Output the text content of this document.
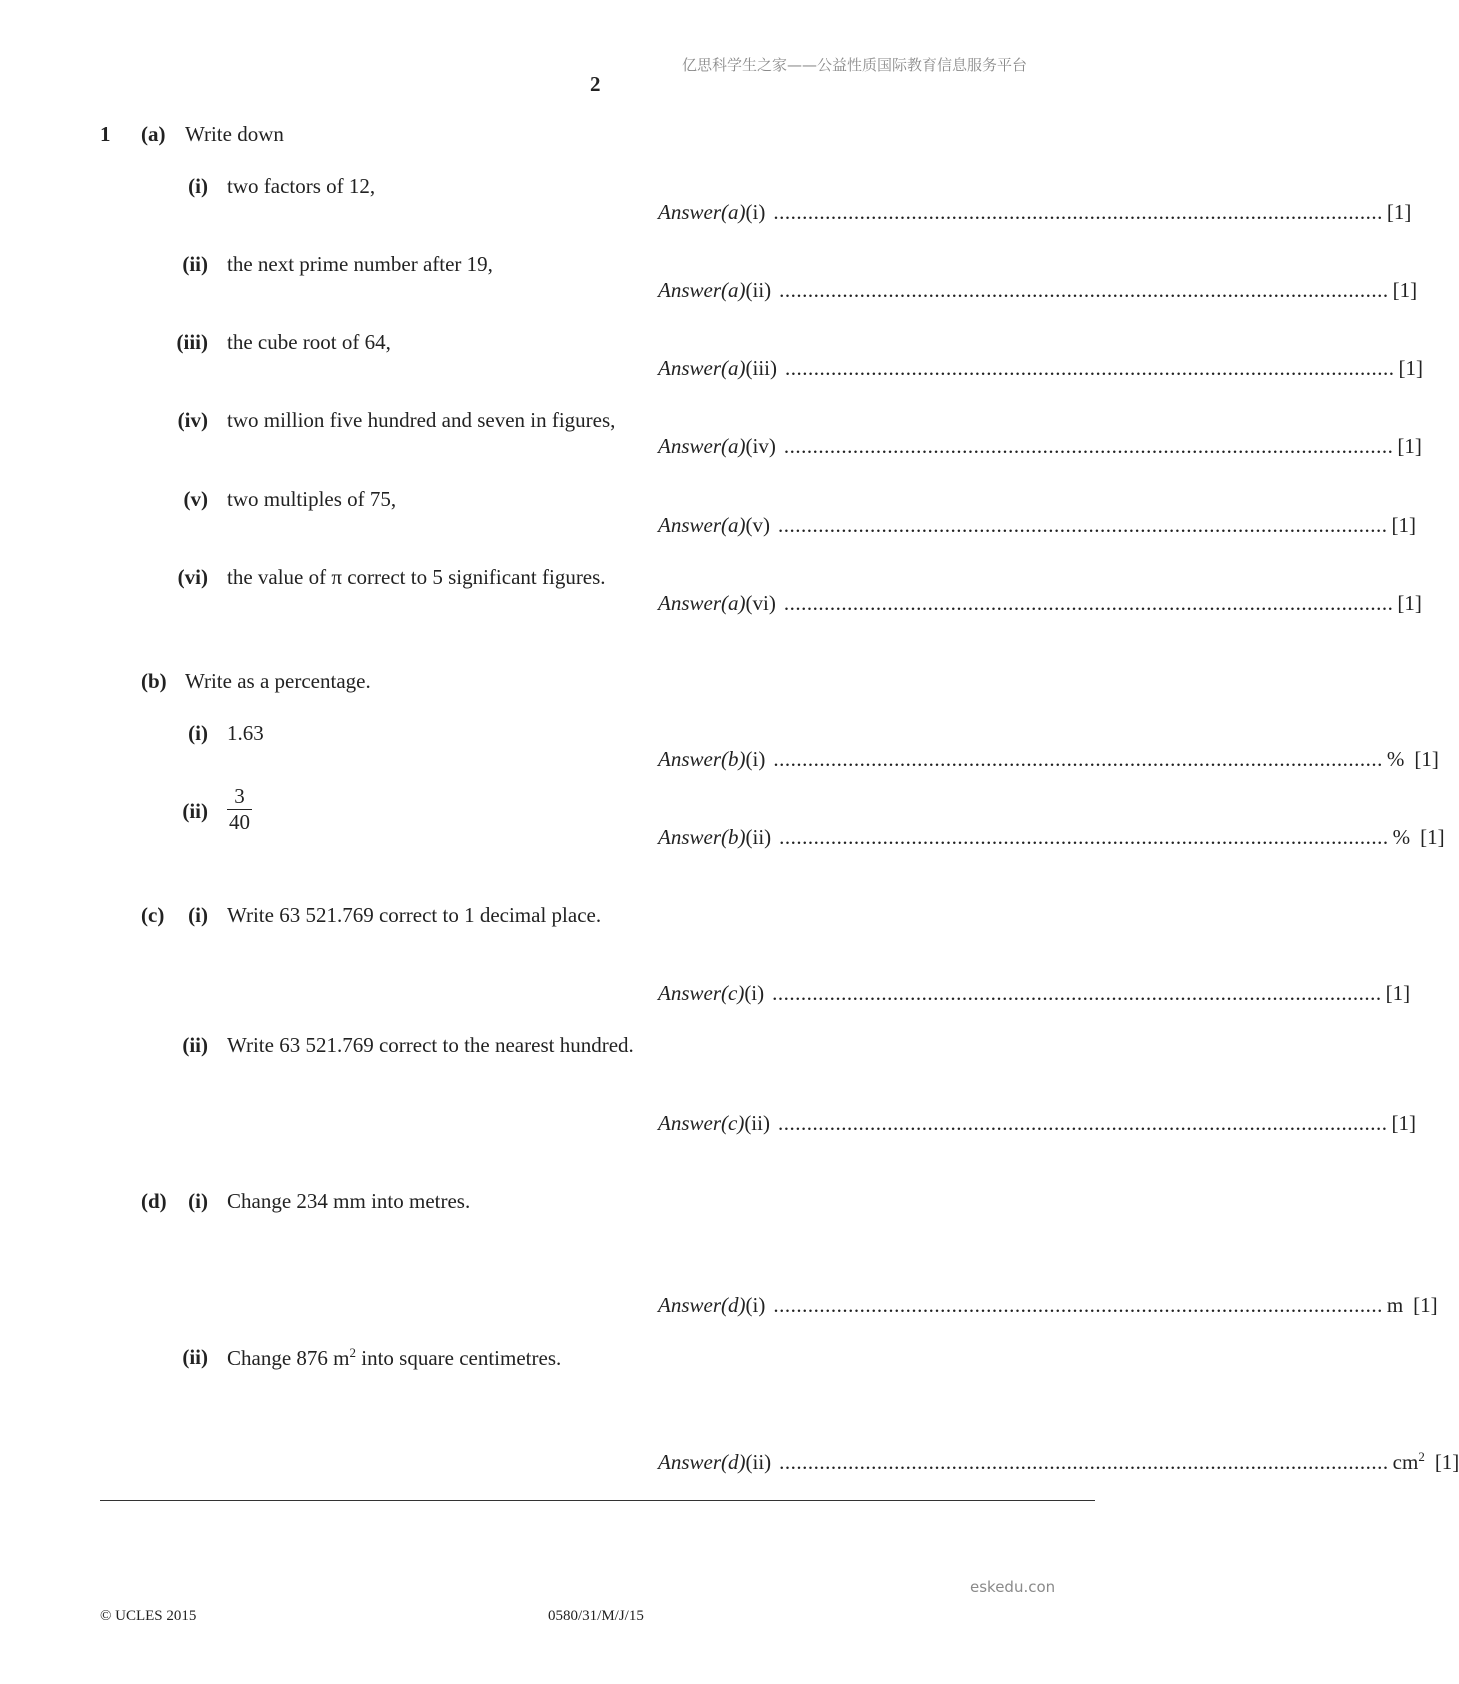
亿思科学生之家——公益性质国际教育信息服务平台
2
1 (a) Write down
(i) two factors of 12,
Answer(a)(i) .......................................................................................................... [1]
(ii) the next prime number after 19,
Answer(a)(ii) .......................................................................................................... [1]
(iii) the cube root of 64,
Answer(a)(iii) .......................................................................................................... [1]
(iv) two million five hundred and seven in figures,
Answer(a)(iv) .......................................................................................................... [1]
(v) two multiples of 75,
Answer(a)(v) .......................................................................................................... [1]
(vi) the value of π correct to 5 significant figures.
Answer(a)(vi) .......................................................................................................... [1]
(b) Write as a percentage.
(i) 1.63
Answer(b)(i) .......................................................................................................... % [1]
$(ii) \frac{3}{40}$
Answer(b)(ii) .......................................................................................................... % [1]
(c)	(i) Write 63 521.769 correct to 1 decimal place.
Answer(c)(i) .......................................................................................................... [1]
(ii) Write 63 521.769 correct to the nearest hundred.
Answer(c)(ii) .......................................................................................................... [1]
(d)	(i) Change 234 mm into metres.
Answer(d)(i) .......................................................................................................... m [1]
(ii) Change 876 $m^2$ into square centimetres.
Answer(d)(ii) .......................................................................................................... $cm^2$ [1]
eskedu.con
© UCLES 2015	0580/31/M/J/15
